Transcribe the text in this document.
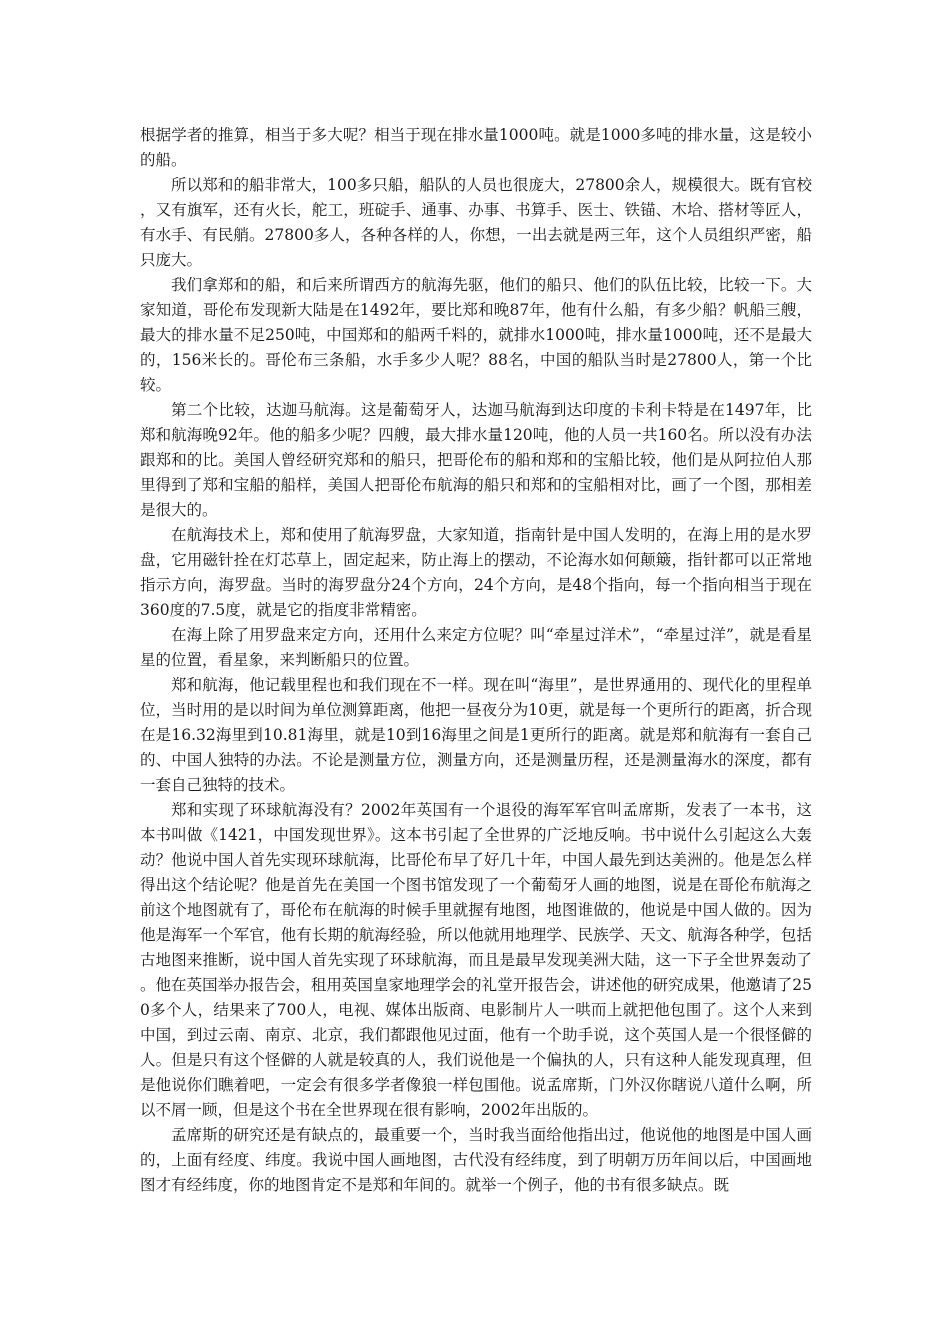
根据学者的推算，相当于多大呢？相当于现在排水量1000吨。就是1000多吨的排水量，这是较小的船。

所以郑和的船非常大，100多只船，船队的人员也很庞大，27800余人，规模很大。既有官校，又有旗军，还有火长，舵工，班碇手、通事、办事、书算手、医士、铁锚、木垥、搭材等匠人，有水手、有民艄。27800多人，各种各样的人，你想，一出去就是两三年，这个人员组织严密，船只庞大。

我们拿郑和的船，和后来所谓西方的航海先驱，他们的船只、他们的队伍比较，比较一下。大家知道，哥伦布发现新大陆是在1492年，要比郑和晚87年，他有什么船，有多少船？帆船三艘，最大的排水量不足250吨，中国郑和的船两千料的，就排水1000吨，排水量1000吨，还不是最大的，156米长的。哥伦布三条船，水手多少人呢？88名，中国的船队当时是27800人，第一个比较。

第二个比较，达迦马航海。这是葡萄牙人，达迦马航海到达印度的卡利卡特是在1497年，比郑和航海晚92年。他的船多少呢？四艘，最大排水量120吨，他的人员一共160名。所以没有办法跟郑和的比。美国人曾经研究郑和的船只，把哥伦布的船和郑和的宝船比较，他们是从阿拉伯人那里得到了郑和宝船的船样，美国人把哥伦布航海的船只和郑和的宝船相对比，画了一个图，那相差是很大的。

在航海技术上，郑和使用了航海罗盘，大家知道，指南针是中国人发明的，在海上用的是水罗盘，它用磁针拴在灯芯草上，固定起来，防止海上的摆动，不论海水如何颠簸，指针都可以正常地指示方向，海罗盘。当时的海罗盘分24个方向，24个方向，是48个指向，每一个指向相当于现在360度的7.5度，就是它的指度非常精密。

在海上除了用罗盘来定方向，还用什么来定方位呢？叫“牵星过洋术”，“牵星过洋”，就是看星星的位置，看星象，来判断船只的位置。

郑和航海，他记载里程也和我们现在不一样。现在叫“海里”，是世界通用的、现代化的里程单位，当时用的是以时间为单位测算距离，他把一昼夜分为10更，就是每一个更所行的距离，折合现在是16.32海里到10.81海里，就是10到16海里之间是1更所行的距离。就是郑和航海有一套自己的、中国人独特的办法。不论是测量方位，测量方向，还是测量历程，还是测量海水的深度，都有一套自己独特的技术。

郑和实现了环球航海没有？2002年英国有一个退役的海军军官叫孟席斯，发表了一本书，这本书叫做《1421，中国发现世界》。这本书引起了全世界的广泛地反响。书中说什么引起这么大轰动？他说中国人首先实现环球航海，比哥伦布早了好几十年，中国人最先到达美洲的。他是怎么样得出这个结论呢？他是首先在美国一个图书馆发现了一个葡萄牙人画的地图，说是在哥伦布航海之前这个地图就有了，哥伦布在航海的时候手里就握有地图，地图谁做的，他说是中国人做的。因为他是海军一个军官，他有长期的航海经验，所以他就用地理学、民族学、天文、航海各种学，包括古地图来推断，说中国人首先实现了环球航海，而且是最早发现美洲大陆，这一下子全世界轰动了。他在英国举办报告会，租用英国皇家地理学会的礼堂开报告会，讲述他的研究成果，他邀请了250多个人，结果来了700人，电视、媒体出版商、电影制片人一哄而上就把他包围了。这个人来到中国，到过云南、南京、北京，我们都跟他见过面，他有一个助手说，这个英国人是一个很怪僻的人。但是只有这个怪僻的人就是较真的人，我们说他是一个偏执的人，只有这种人能发现真理，但是他说你们瞧着吧，一定会有很多学者像狼一样包围他。说孟席斯，门外汉你瞎说八道什么啊，所以不屑一顾，但是这个书在全世界现在很有影响，2002年出版的。

孟席斯的研究还是有缺点的，最重要一个，当时我当面给他指出过，他说他的地图是中国人画的，上面有经度、纬度。我说中国人画地图，古代没有经纬度，到了明朝万历年间以后，中国画地图才有经纬度，你的地图肯定不是郑和年间的。就举一个例子，他的书有很多缺点。既
